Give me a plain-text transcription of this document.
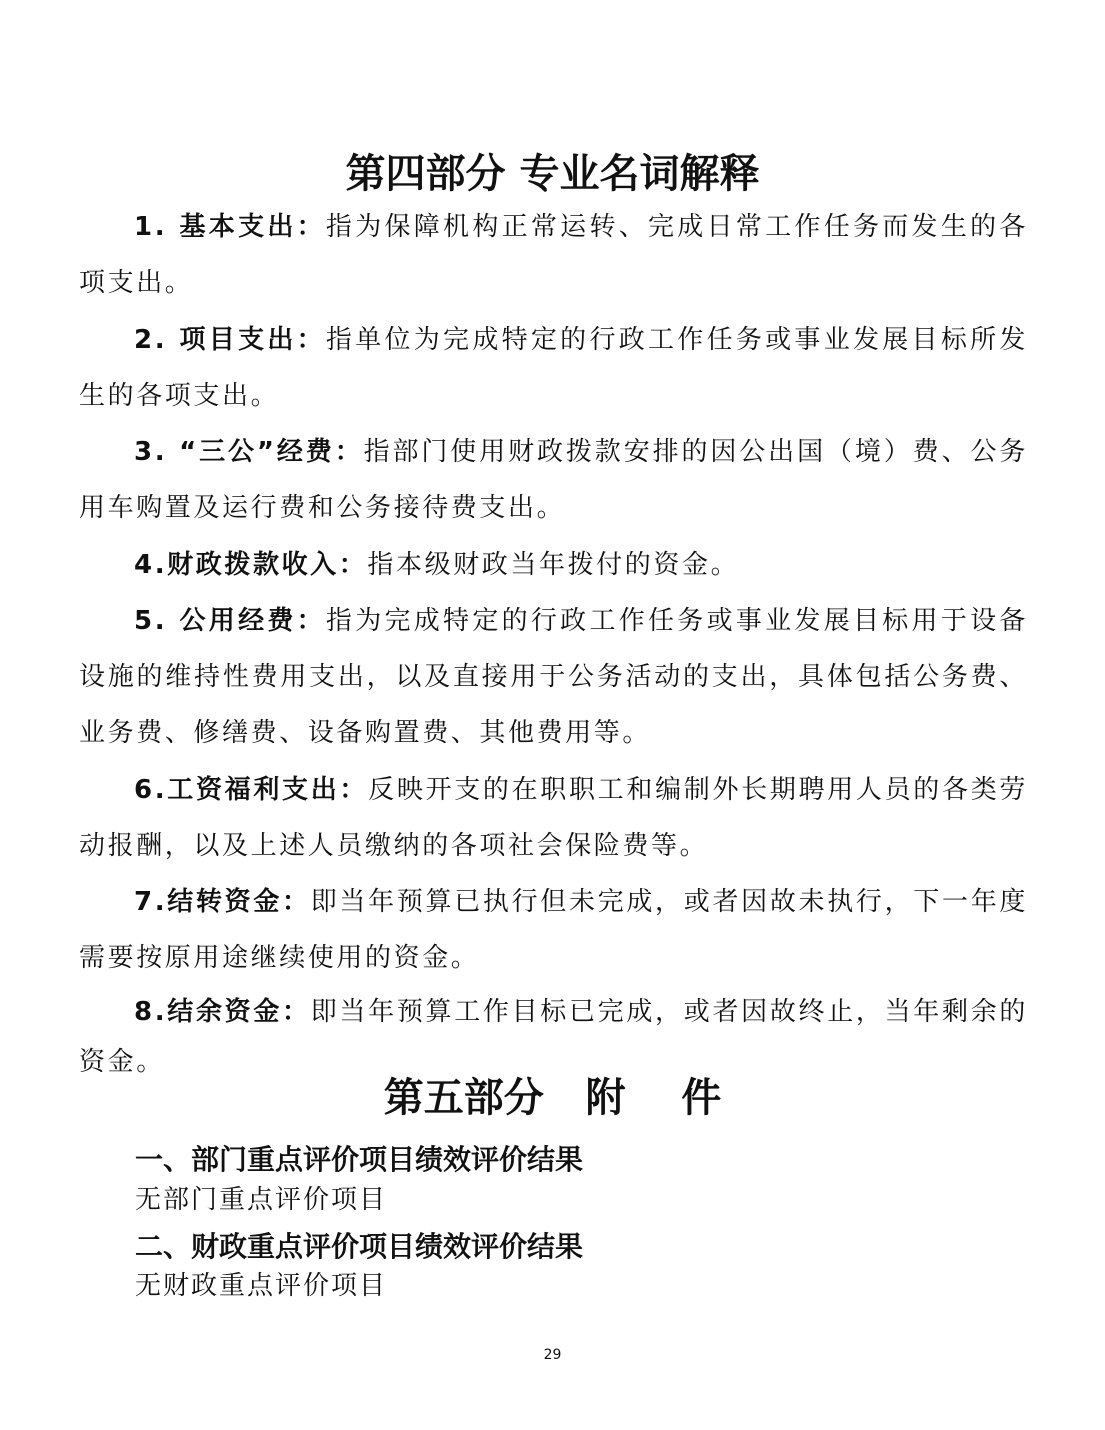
第四部分 专业名词解释

1. 基本支出：指为保障机构正常运转、完成日常工作任务而发生的各项支出。

2. 项目支出：指单位为完成特定的行政工作任务或事业发展目标所发生的各项支出。

3. “三公”经费：指部门使用财政拨款安排的因公出国（境）费、公务用车购置及运行费和公务接待费支出。

4.财政拨款收入：指本级财政当年拨付的资金。

5. 公用经费：指为完成特定的行政工作任务或事业发展目标用于设备设施的维持性费用支出，以及直接用于公务活动的支出，具体包括公务费、业务费、修缮费、设备购置费、其他费用等。

6.工资福利支出：反映开支的在职职工和编制外长期聘用人员的各类劳动报酬，以及上述人员缴纳的各项社会保险费等。

7.结转资金：即当年预算已执行但未完成，或者因故未执行，下一年度需要按原用途继续使用的资金。

8.结余资金：即当年预算工作目标已完成，或者因故终止，当年剩余的资金。

第五部分   附    件

一、部门重点评价项目绩效评价结果

无部门重点评价项目

二、财政重点评价项目绩效评价结果

无财政重点评价项目

29
